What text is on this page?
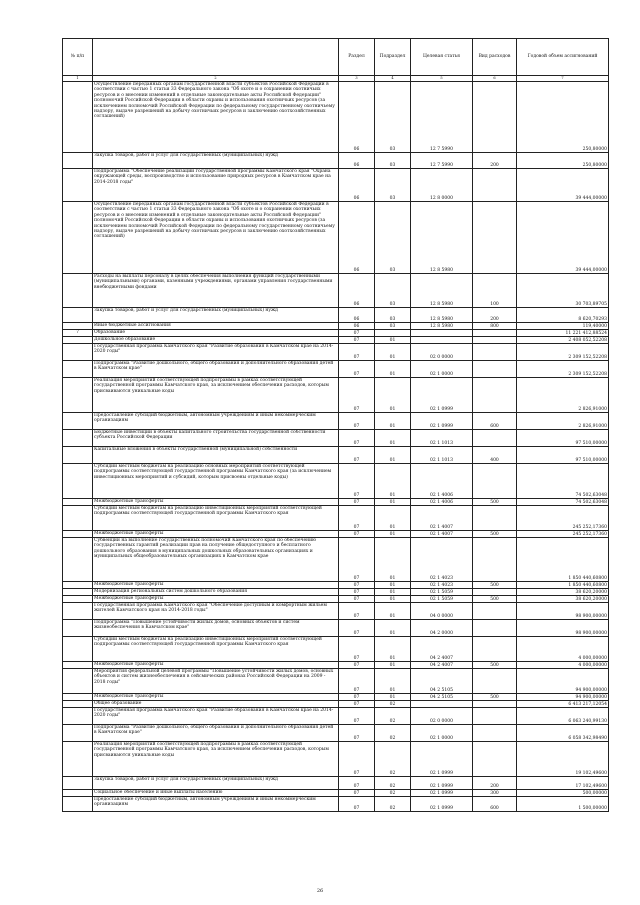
№ п/п		Раздел	Подраздел	Целевая статья	Вид расходов	Годовой объем ассигнований
1	2	3	4	5	6	7
	Осуществление переданных органам государственной власти субъектов Российской Федерации в соответствии с частью 1 статьи 33 Федерального закона "Об охоте и о сохранении охотничьих ресурсов и о внесении изменений в отдельные законодательные акты Российской Федерации" полномочий Российской Федерации в области охраны и использования охотничьих ресурсов (за исключением полномочий Российской Федерации по федеральному государственному охотничьему надзору, выдаче разрешений на добычу охотничьих ресурсов и заключению охотхозяйственных соглашений)	06	03	12 7 5990		250,80000
	Закупка товаров, работ и услуг для государственных (муниципальных) нужд	06	03	12 7 5990	200	250,80000
	Подпрограмма "Обеспечение реализации государственной программы Камчатского края "Охрана окружающей среды, воспроизводство и использование природных ресурсов в Камчатском крае на 2014-2018 годы"	06	03	12 8 0000		39 444,00000
	Осуществление переданных органам государственной власти субъектов Российской Федерации в соответствии с частью 1 статьи 33 Федерального закона "Об охоте и о сохранении охотничьих ресурсов и о внесении изменений в отдельные законодательные акты Российской Федерации" полномочий Российской Федерации в области охраны и использования охотничьих ресурсов (за исключением полномочий Российской Федерации по федеральному государственному охотничьему надзору, выдаче разрешений на добычу охотничьих ресурсов и заключению охотхозяйственных соглашений)	06	03	12 8 5980		39 444,00000
	Расходы на выплаты персоналу в целях обеспечения выполнения функций государственными (муниципальными) органами, казенными учреждениями, органами управления государственными внебюджетными фондами	06	03	12 8 5980	100	30 703,89705
	Закупка товаров, работ и услуг для государственных (муниципальных) нужд	06	03	12 8 5980	200	8 620,70293
	Иные бюджетные ассигнования	06	03	12 8 5980	800	119,40000
7	Образование	07				11 221 412,88524
	Дошкольное образование	07	01			2 408 052,52208
	Государственная программа Камчатского края "Развитие образования в Камчатском крае на 2014-2020 годы"	07	01	02 0 0000		2 309 152,52208
	Подпрограмма "Развитие дошкольного, общего образования и дополнительного образования детей в Камчатском крае"	07	01	02 1 0000		2 309 152,52208
	Реализация мероприятий соответствующей подпрограммы в рамках соответствующей государственной программы Камчатского края, за исключением обеспечения расходов, которым присваиваются уникальные коды	07	01	02 1 0999		2 826,91000
	Предоставление субсидий бюджетным, автономным учреждениям и иным некоммерческим организациям	07	01	02 1 0999	600	2 826,91000
	Бюджетные инвестиции в объекты капитального строительства государственной собственности субъекта Российской Федерации	07	01	02 1 1013		97 510,00000
	Капитальные вложения в объекты государственной (муниципальной) собственности	07	01	02 1 1013	400	97 510,00000
	Субсидии местным бюджетам на реализацию основных мероприятий соответствующей подпрограммы соответствующей государственной программы Камчатского края (за исключением инвестиционных мероприятий и субсидий, которым присвоены отдельные коды)	07	01	02 1 4006		74 502,63048
	Межбюджетные трансферты	07	01	02 1 4006	500	74 502,63048
	Субсидии местным бюджетам на реализацию инвестиционных мероприятий соответствующей подпрограммы соответствующей государственной программы Камчатского края	07	01	02 1 4007		245 252,17360
	Межбюджетные трансферты	07	01	02 1 4007	500	245 252,17360
	Субвенции на выполнение государственных полномочий Камчатского края по обеспечению государственных гарантий реализации прав на получение общедоступного и бесплатного дошкольного образования в муниципальных дошкольных образовательных организациях и муниципальных общеобразовательных организациях в Камчатском крае	07	01	02 1 4023		1 850 440,60800
	Межбюджетные трансферты	07	01	02 1 4023	500	1 850 440,60800
	Модернизация региональных систем дошкольного образования	07	01	02 1 5059		38 620,20000
	Межбюджетные трансферты	07	01	02 1 5059	500	38 620,20000
	Государственная программа Камчатского края "Обеспечение доступным и комфортным жильем жителей Камчатского края на 2014-2018 годы"	07	01	04 0 0000		98 900,00000
	Подпрограмма "Повышение устойчивости жилых домов, основных объектов и систем жизнеобеспечения в Камчатском крае"	07	01	04 2 0000		98 900,00000
	Субсидии местным бюджетам на реализацию инвестиционных мероприятий соответствующей подпрограммы соответствующей государственной программы Камчатского края	07	01	04 2 4007		4 000,00000
	Межбюджетные трансферты	07	01	04 2 4007	500	4 000,00000
	Мероприятия федеральной целевой программы "Повышение устойчивости жилых домов, основных объектов и систем жизнеобеспечения в сейсмических районах Российской Федерации на 2009 - 2018 годы"	07	01	04 2 5105		94 900,00000
	Межбюджетные трансферты	07	01	04 2 5105	500	94 900,00000
	Общее образование	07	02			6 413 217,12054
	Государственная программа Камчатского края "Развитие образования в Камчатском крае на 2014-2020 годы"	07	02	02 0 0000		6 063 240,99130
	Подпрограмма "Развитие дошкольного, общего образования и дополнительного образования детей в Камчатском крае"	07	02	02 1 0000		6 058 342,98490
	Реализация мероприятий соответствующей подпрограммы в рамках соответствующей государственной программы Камчатского края, за исключением обеспечения расходов, которым присваиваются уникальные коды	07	02	02 1 0999		19 102,49600
	Закупка товаров, работ и услуг для государственных (муниципальных) нужд	07	02	02 1 0999	200	17 102,49600
	Социальное обеспечение и иные выплаты населению	07	02	02 1 0999	300	500,00000
	Предоставление субсидий бюджетным, автономным учреждениям и иным некоммерческим организациям	07	02	02 1 0999	600	1 500,00000
26
